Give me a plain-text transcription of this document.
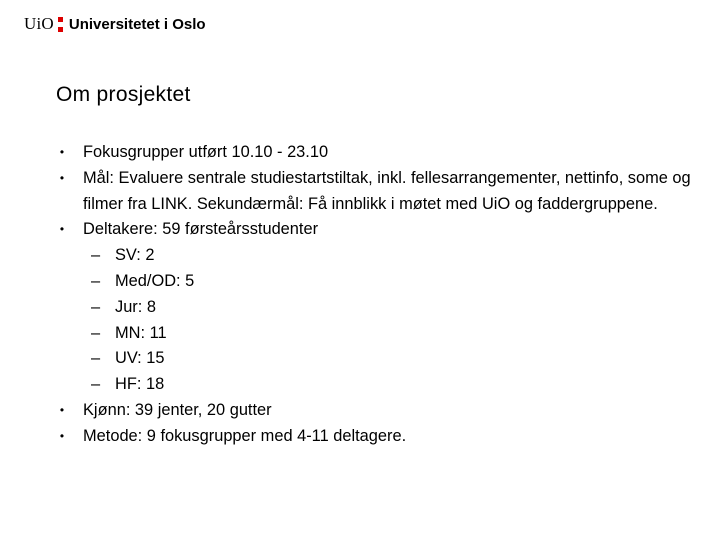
UiO Universitetet i Oslo
Om prosjektet
• Fokusgrupper utført 10.10 - 23.10
• Mål: Evaluere sentrale studiestartstiltak, inkl. fellesarrangementer, nettinfo, some og filmer fra LINK. Sekundærmål: Få innblikk i møtet med UiO og faddergruppene.
• Deltakere: 59 førsteårsstudenter
– SV: 2
– Med/OD: 5
– Jur: 8
– MN: 11
– UV: 15
– HF: 18
• Kjønn: 39 jenter, 20 gutter
• Metode: 9 fokusgrupper med 4-11 deltagere.
